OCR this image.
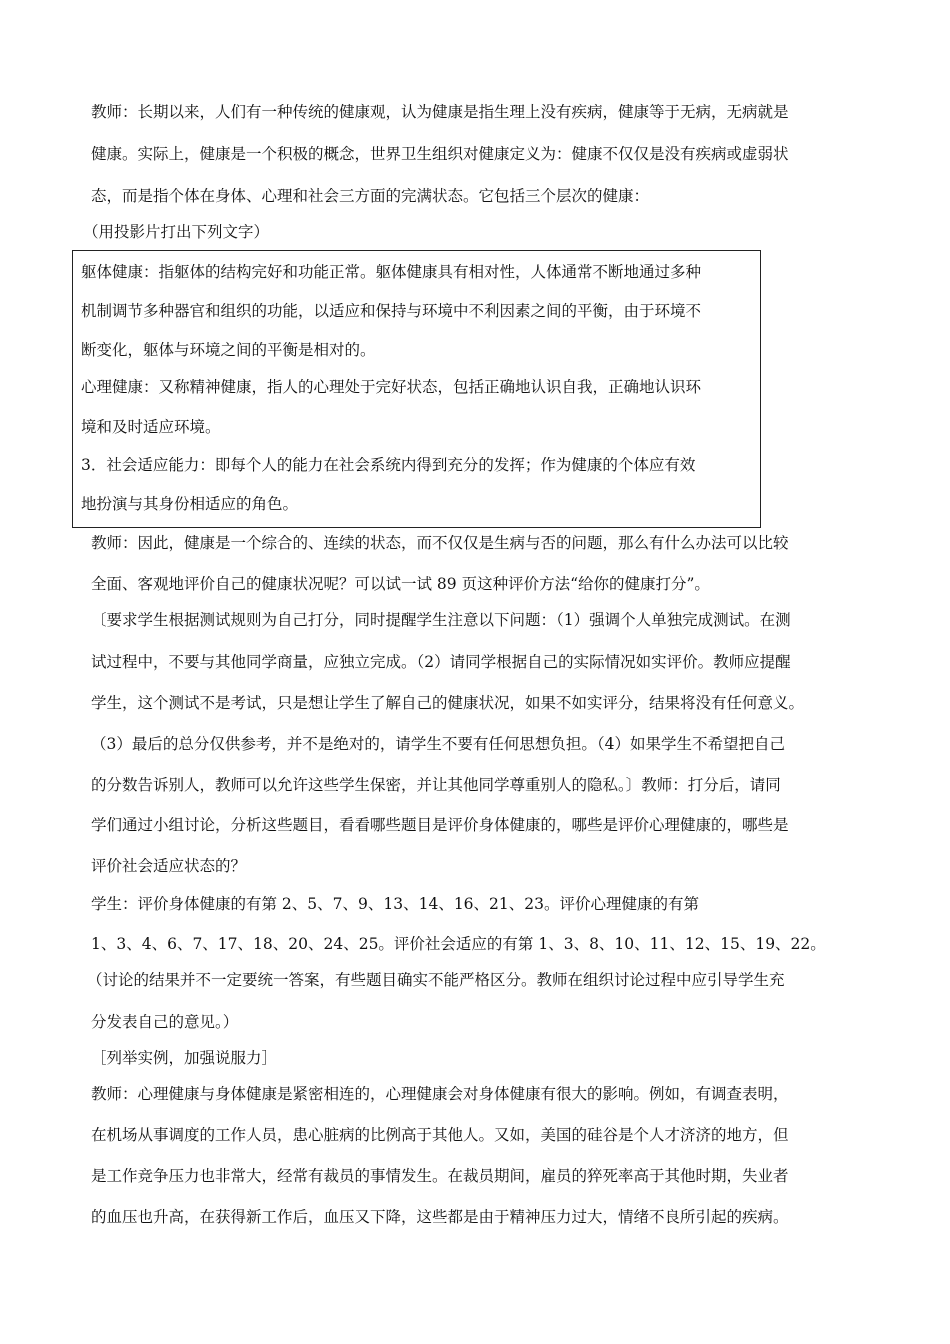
教师：长期以来，人们有一种传统的健康观，认为健康是指生理上没有疾病，健康等于无病，无病就是
健康。实际上，健康是一个积极的概念，世界卫生组织对健康定义为：健康不仅仅是没有疾病或虚弱状
态，而是指个体在身体、心理和社会三方面的完满状态。它包括三个层次的健康：
（用投影片打出下列文字）
躯体健康：指躯体的结构完好和功能正常。躯体健康具有相对性，人体通常不断地通过多种
机制调节多种器官和组织的功能，以适应和保持与环境中不利因素之间的平衡，由于环境不
断变化，躯体与环境之间的平衡是相对的。
心理健康：又称精神健康，指人的心理处于完好状态，包括正确地认识自我，正确地认识环
境和及时适应环境。
3．社会适应能力：即每个人的能力在社会系统内得到充分的发挥；作为健康的个体应有效
地扮演与其身份相适应的角色。
教师：因此，健康是一个综合的、连续的状态，而不仅仅是生病与否的问题，那么有什么办法可以比较
全面、客观地评价自己的健康状况呢？可以试一试 89 页这种评价方法“给你的健康打分”。
〔要求学生根据测试规则为自己打分，同时提醒学生注意以下问题：（1）强调个人单独完成测试。在测
试过程中，不要与其他同学商量，应独立完成。（2）请同学根据自己的实际情况如实评价。教师应提醒
学生，这个测试不是考试，只是想让学生了解自己的健康状况，如果不如实评分，结果将没有任何意义。
（3）最后的总分仅供参考，并不是绝对的，请学生不要有任何思想负担。（4）如果学生不希望把自己
的分数告诉别人，教师可以允许这些学生保密，并让其他同学尊重别人的隐私。〕教师：打分后，请同
学们通过小组讨论，分析这些题目，看看哪些题目是评价身体健康的，哪些是评价心理健康的，哪些是
评价社会适应状态的？
学生：评价身体健康的有第 2、5、7、9、13、14、16、21、23。评价心理健康的有第
1、3、4、6、7、17、18、20、24、25。评价社会适应的有第 1、3、8、10、11、12、15、19、22。
（讨论的结果并不一定要统一答案，有些题目确实不能严格区分。教师在组织讨论过程中应引导学生充
分发表自己的意见。）
［列举实例，加强说服力］
教师：心理健康与身体健康是紧密相连的，心理健康会对身体健康有很大的影响。例如，有调查表明，
在机场从事调度的工作人员，患心脏病的比例高于其他人。又如，美国的硅谷是个人才济济的地方，但
是工作竞争压力也非常大，经常有裁员的事情发生。在裁员期间，雇员的猝死率高于其他时期，失业者
的血压也升高，在获得新工作后，血压又下降，这些都是由于精神压力过大，情绪不良所引起的疾病。
